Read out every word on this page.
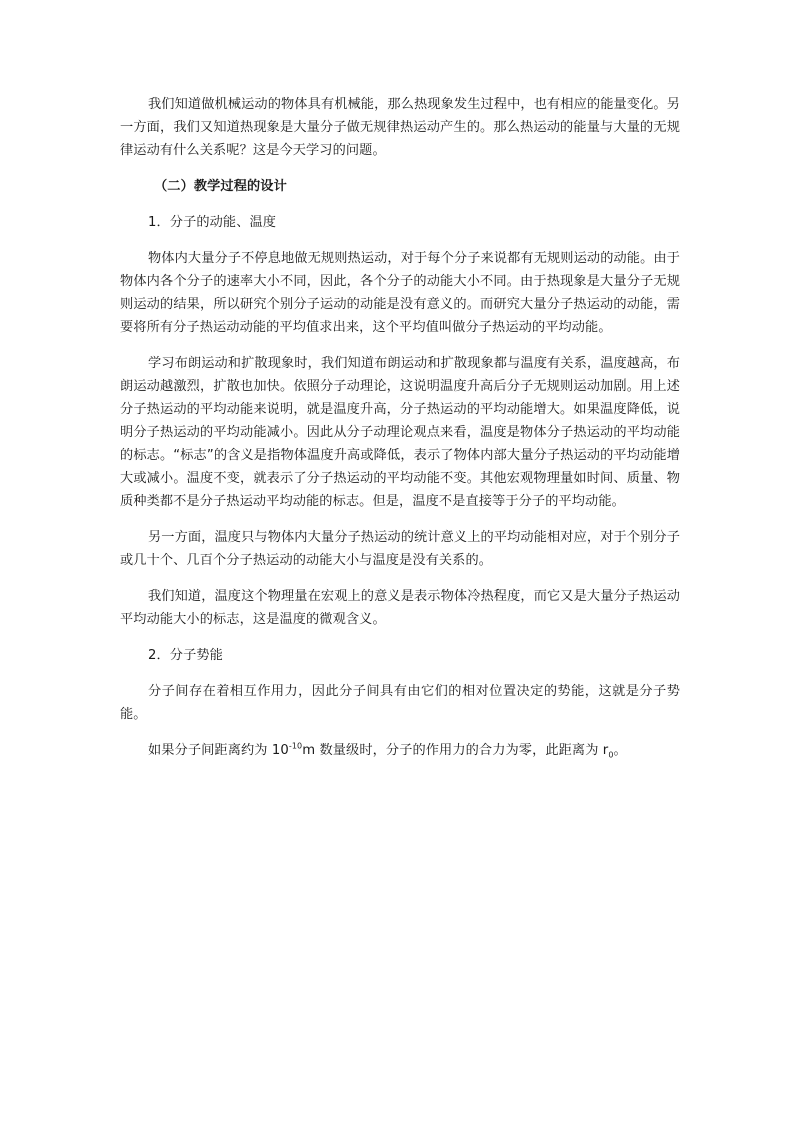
我们知道做机械运动的物体具有机械能，那么热现象发生过程中，也有相应的能量变化。另一方面，我们又知道热现象是大量分子做无规律热运动产生的。那么热运动的能量与大量的无规律运动有什么关系呢？这是今天学习的问题。

（二）教学过程的设计

1．分子的动能、温度

物体内大量分子不停息地做无规则热运动，对于每个分子来说都有无规则运动的动能。由于物体内各个分子的速率大小不同，因此，各个分子的动能大小不同。由于热现象是大量分子无规则运动的结果，所以研究个别分子运动的动能是没有意义的。而研究大量分子热运动的动能，需要将所有分子热运动动能的平均值求出来，这个平均值叫做分子热运动的平均动能。

学习布朗运动和扩散现象时，我们知道布朗运动和扩散现象都与温度有关系，温度越高，布朗运动越激烈，扩散也加快。依照分子动理论，这说明温度升高后分子无规则运动加剧。用上述分子热运动的平均动能来说明，就是温度升高，分子热运动的平均动能增大。如果温度降低，说明分子热运动的平均动能减小。因此从分子动理论观点来看，温度是物体分子热运动的平均动能的标志。“标志”的含义是指物体温度升高或降低，表示了物体内部大量分子热运动的平均动能增大或减小。温度不变，就表示了分子热运动的平均动能不变。其他宏观物理量如时间、质量、物质种类都不是分子热运动平均动能的标志。但是，温度不是直接等于分子的平均动能。

另一方面，温度只与物体内大量分子热运动的统计意义上的平均动能相对应，对于个别分子或几十个、几百个分子热运动的动能大小与温度是没有关系的。

我们知道，温度这个物理量在宏观上的意义是表示物体冷热程度，而它又是大量分子热运动平均动能大小的标志，这是温度的微观含义。

2．分子势能

分子间存在着相互作用力，因此分子间具有由它们的相对位置决定的势能，这就是分子势能。

如果分子间距离约为 $10^{-10}m$ 数量级时，分子的作用力的合力为零，此距离为 $r_0$。
